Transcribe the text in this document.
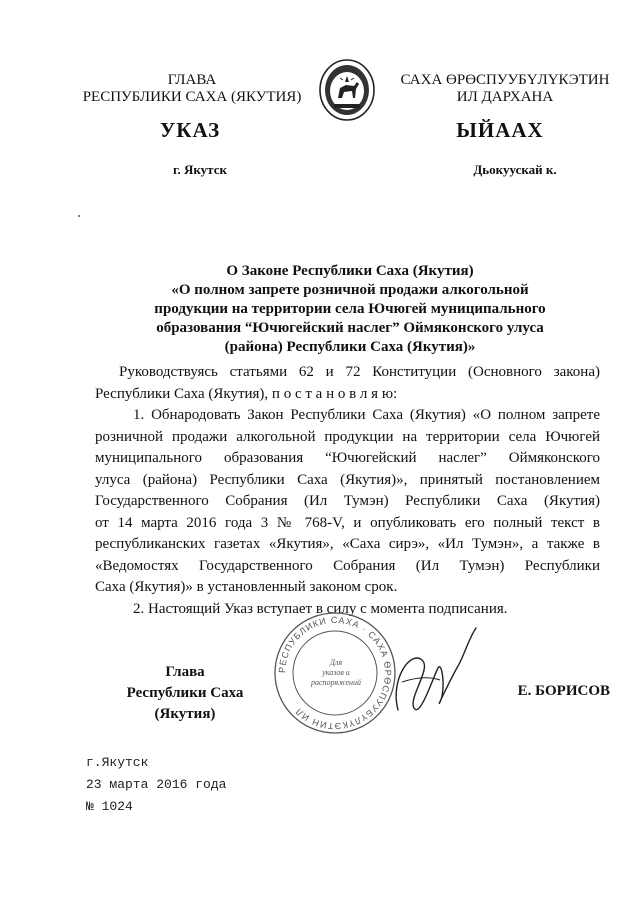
ГЛАВА
РЕСПУБЛИКИ САХА (ЯКУТИЯ)
САХА ӨРӨСПУУБҮЛҮКЭТИН
ИЛ ДАРХАНА
УКАЗ	ЫЙААХ
г. Якутск	Дьокуускай к.
О Законе Республики Саха (Якутия)
«О полном запрете розничной продажи алкогольной
продукции на территории села Ючюгей муниципального
образования “Ючюгейский наслег” Оймяконского улуса
(района) Республики Саха (Якутия)»
Руководствуясь статьями 62 и 72 Конституции (Основного закона)
Республики Саха (Якутия), п о с т а н о в л я ю:
1. Обнародовать Закон Республики Саха (Якутия) «О полном запрете
розничной продажи алкогольной продукции на территории села Ючюгей
муниципального образования “Ючюгейский наслег” Оймяконского
улуса (района) Республики Саха (Якутия)», принятый постановлением
Государственного Собрания (Ил Тумэн) Республики Саха (Якутия)
от 14 марта 2016 года 3 № 768-V, и опубликовать его полный текст в
республиканских газетах «Якутия», «Саха сирэ», «Ил Тумэн», а также в
«Ведомостях Государственного Собрания (Ил Тумэн) Республики
Саха (Якутия)» в установленный законом срок.
2. Настоящий Указ вступает в силу с момента подписания.
РЕСПУБЛИКИ САХА · САХА ӨРӨСПУУБҮЛҮКЭТИН ИЛ
Для
указов и
распоряжений
Глава
Республики Саха (Якутия)
Е. БОРИСОВ
г.Якутск
23 марта 2016 года
№ 1024
